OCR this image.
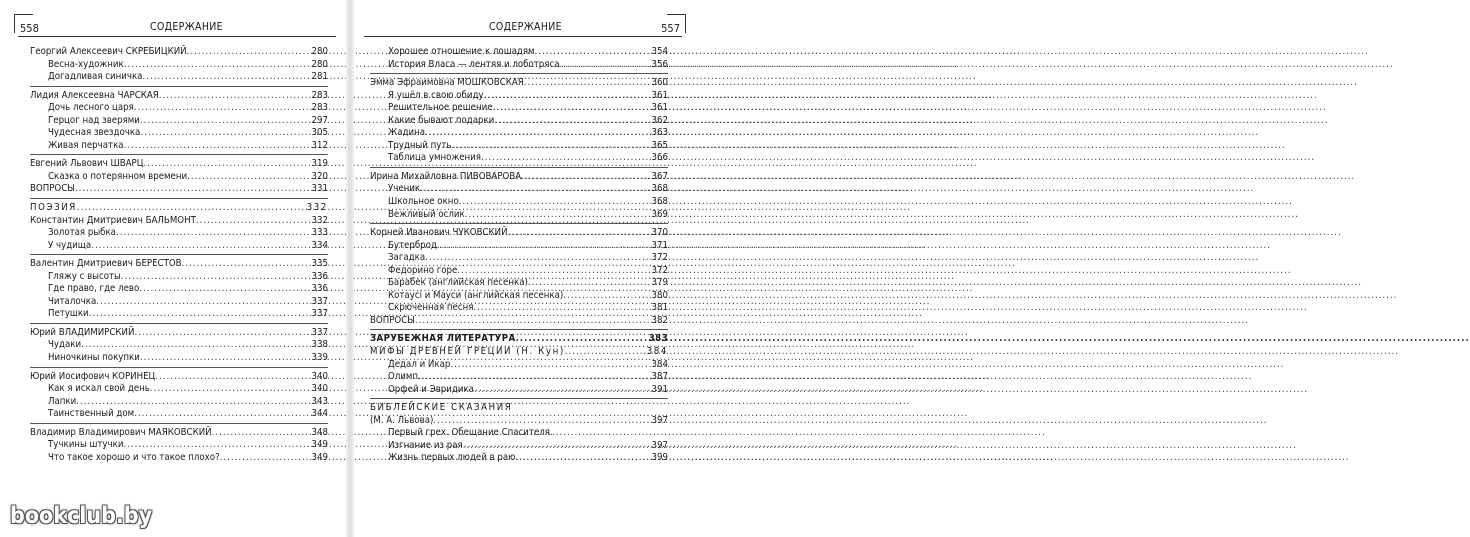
558	СОДЕРЖАНИЕ
Георгий Алексеевич СКРЕБИЦКИЙ .....	280
Весна-художник .....	280
Догадливая синичка .....	281
Лидия Алексеевна ЧАРСКАЯ .....	283
Дочь лесного царя .....	283
Герцог над зверями .....	297
Чудесная звездочка .....	305
Живая перчатка .....	312
Евгений Львович ШВАРЦ .....	319
Сказка о потерянном времени .....	320
ВОПРОСЫ .....	331
ПОЭЗИЯ .....	332
Константин Дмитриевич БАЛЬМОНТ .....	332
Золотая рыбка .....	333
У чудища .....	334
Валентин Дмитриевич БЕРЕСТОВ .....	335
Гляжу с высоты .....	336
Где право, где лево .....	336
Читалочка .....	337
Петушки .....	337
Юрий ВЛАДИМИРСКИЙ .....	337
Чудаки .....	338
Ниночкины покупки .....	339
Юрий Иосифович КОРИНЕЦ .....	340
Как я искал свой день .....	340
Лапки .....	343
Таинственный дом .....	344
Владимир Владимирович МАЯКОВСКИЙ .....	348
Тучкины штучки .....	349
Что такое хорошо и что такое плохо? .....	349
СОДЕРЖАНИЕ	557
Хорошее отношение к лошадям .....	354
История Власа — лентяя и лоботряса .....	356
Эмма Эфраимовна МОШКОВСКАЯ .....	360
Я ушёл в свою обиду .....	361
Решительное решение .....	361
Какие бывают подарки .....	362
Жадина .....	363
Трудный путь .....	365
Таблица умножения .....	366
Ирина Михайловна ПИВОВАРОВА .....	367
Ученик .....	368
Школьное окно .....	368
Вежливый ослик .....	369
Корней Иванович ЧУКОВСКИЙ .....	370
Бутерброд .....	371
Загадка .....	372
Федорино горе .....	372
Барабек (английская песенка) .....	379
Котаусі и Мауси (английская песенка) .....	380
Скрюченная песня .....	381
ВОПРОСЫ .....	382
ЗАРУБЕЖНАЯ ЛИТЕРАТУРА .....	383
МИФЫ ДРЕВНЕЙ ГРЕЦИИ (Н. Кун) .....	384
Дедал и Икар .....	384
Олимп .....	387
Орфей и Эвридика .....	391
БИБЛЕЙСКИЕ СКАЗАНИЯ
(М. А. Львова) .....	397
Первый грех. Обещание Спасителя.
Изгнание из рая .....	397
Жизнь первых людей в раю .....	399
bookclub.by
